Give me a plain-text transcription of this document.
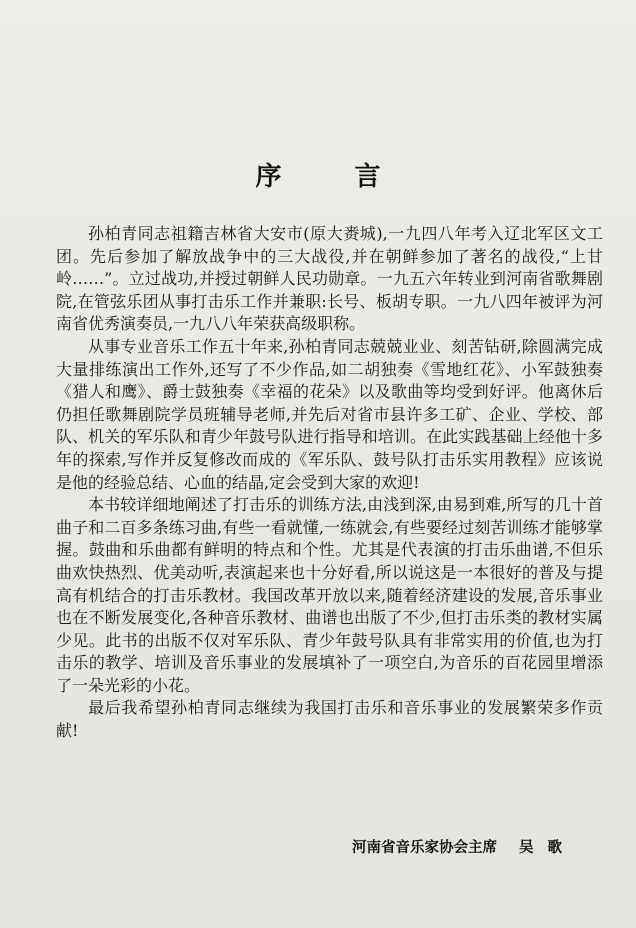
序 言

孙柏青同志祖籍吉林省大安市(原大赉城),一九四八年考入辽北军区文工团。先后参加了解放战争中的三大战役,并在朝鲜参加了著名的战役,“上甘岭……”。立过战功,并授过朝鲜人民功勋章。一九五六年转业到河南省歌舞剧院,在管弦乐团从事打击乐工作并兼职:长号、板胡专职。一九八四年被评为河南省优秀演奏员,一九八八年荣获高级职称。

从事专业音乐工作五十年来,孙柏青同志兢兢业业、刻苦钻研,除圆满完成大量排练演出工作外,还写了不少作品,如二胡独奏《雪地红花》、小军鼓独奏《猎人和鹰》、爵士鼓独奏《幸福的花朵》以及歌曲等均受到好评。他离休后仍担任歌舞剧院学员班辅导老师,并先后对省市县许多工矿、企业、学校、部队、机关的军乐队和青少年鼓号队进行指导和培训。在此实践基础上经他十多年的探索,写作并反复修改而成的《军乐队、鼓号队打击乐实用教程》应该说是他的经验总结、心血的结晶,定会受到大家的欢迎!

本书较详细地阐述了打击乐的训练方法,由浅到深,由易到难,所写的几十首曲子和二百多条练习曲,有些一看就懂,一练就会,有些要经过刻苦训练才能够掌握。鼓曲和乐曲都有鲜明的特点和个性。尤其是代表演的打击乐曲谱,不但乐曲欢快热烈、优美动听,表演起来也十分好看,所以说这是一本很好的普及与提高有机结合的打击乐教材。我国改革开放以来,随着经济建设的发展,音乐事业也在不断发展变化,各种音乐教材、曲谱也出版了不少,但打击乐类的教材实属少见。此书的出版不仅对军乐队、青少年鼓号队具有非常实用的价值,也为打击乐的教学、培训及音乐事业的发展填补了一项空白,为音乐的百花园里增添了一朵光彩的小花。

最后我希望孙柏青同志继续为我国打击乐和音乐事业的发展繁荣多作贡献!

河南省音乐家协会主席 吴歌
